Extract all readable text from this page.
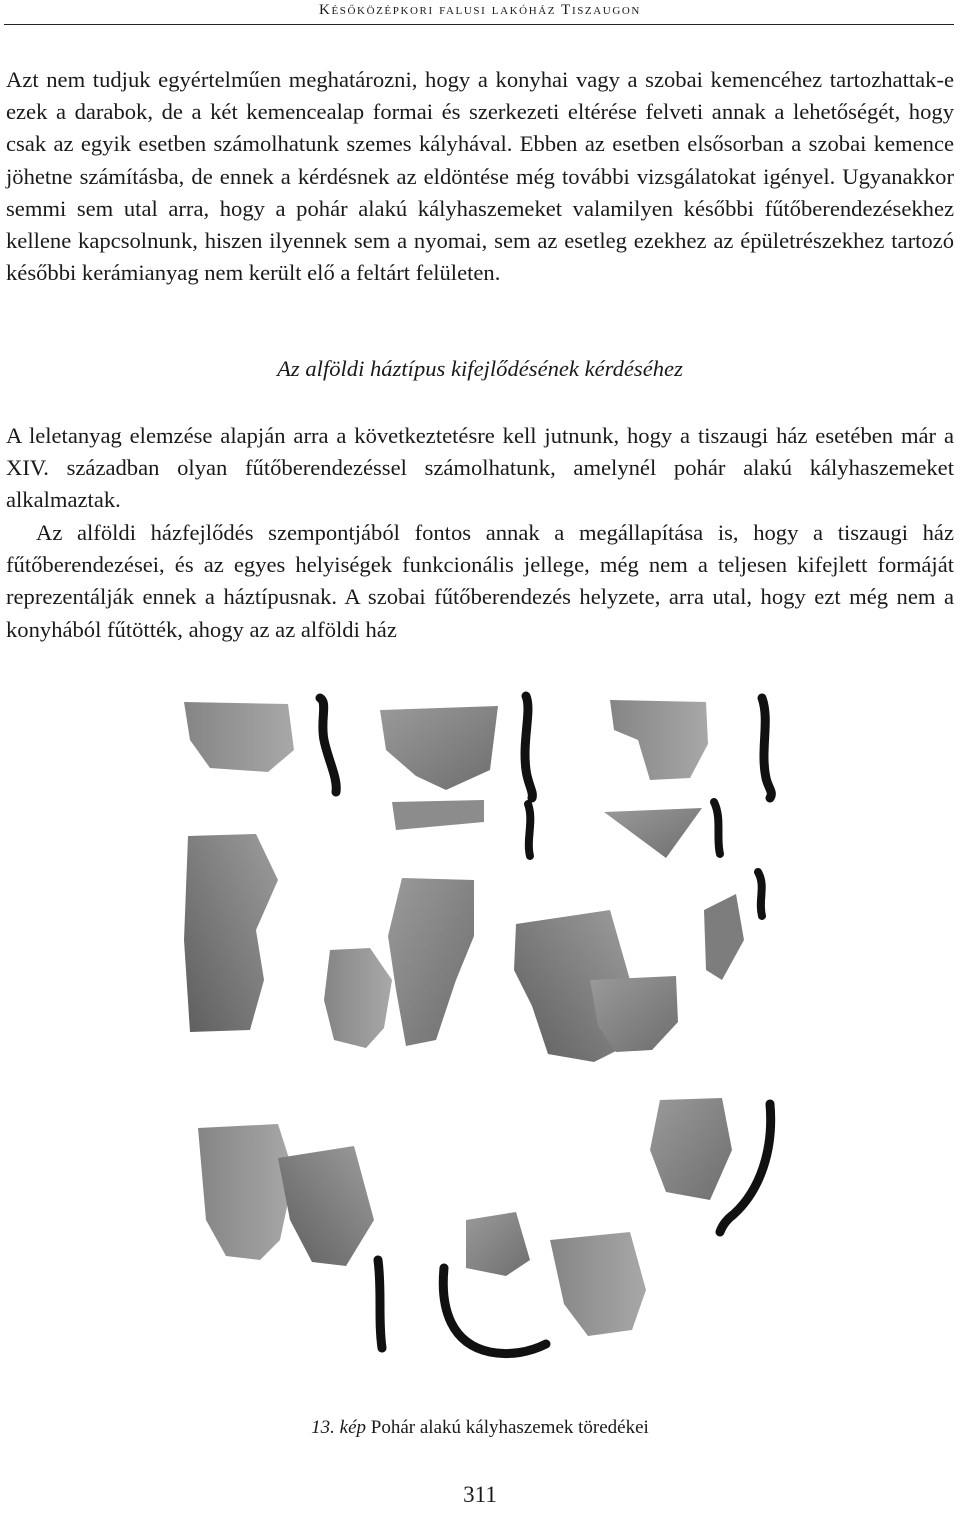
Későközépkori falusi lakóház Tiszaugon

Azt nem tudjuk egyértelműen meghatározni, hogy a konyhai vagy a szobai kemencéhez tartozhattak-e ezek a darabok, de a két kemencealap formai és szerkezeti eltérése felveti annak a lehetőségét, hogy csak az egyik esetben számolhatunk szemes kályhával. Ebben az esetben elsősorban a szobai kemence jöhetne számításba, de ennek a kérdésnek az eldöntése még további vizsgálatokat igényel. Ugyanakkor semmi sem utal arra, hogy a pohár alakú kályhaszemeket valamilyen későbbi fűtőberendezésekhez kellene kapcsolnunk, hiszen ilyennek sem a nyomai, sem az esetleg ezekhez az épületrészekhez tartozó későbbi kerámianyag nem került elő a feltárt felületen.

Az alföldi háztípus kifejlődésének kérdéséhez

A leletanyag elemzése alapján arra a következtetésre kell jutnunk, hogy a tiszaugi ház esetében már a XIV. században olyan fűtőberendezéssel számolhatunk, amelynél pohár alakú kályhaszemeket alkalmaztak.

Az alföldi házfejlődés szempontjából fontos annak a megállapítása is, hogy a tiszaugi ház fűtőberendezései, és az egyes helyiségek funkcionális jellege, még nem a teljesen kifejlett formáját reprezentálják ennek a háztípusnak. A szobai fűtőberendezés helyzete, arra utal, hogy ezt még nem a konyhából fűtötték, ahogy az az alföldi ház

13. kép Pohár alakú kályhaszemek töredékei
311
